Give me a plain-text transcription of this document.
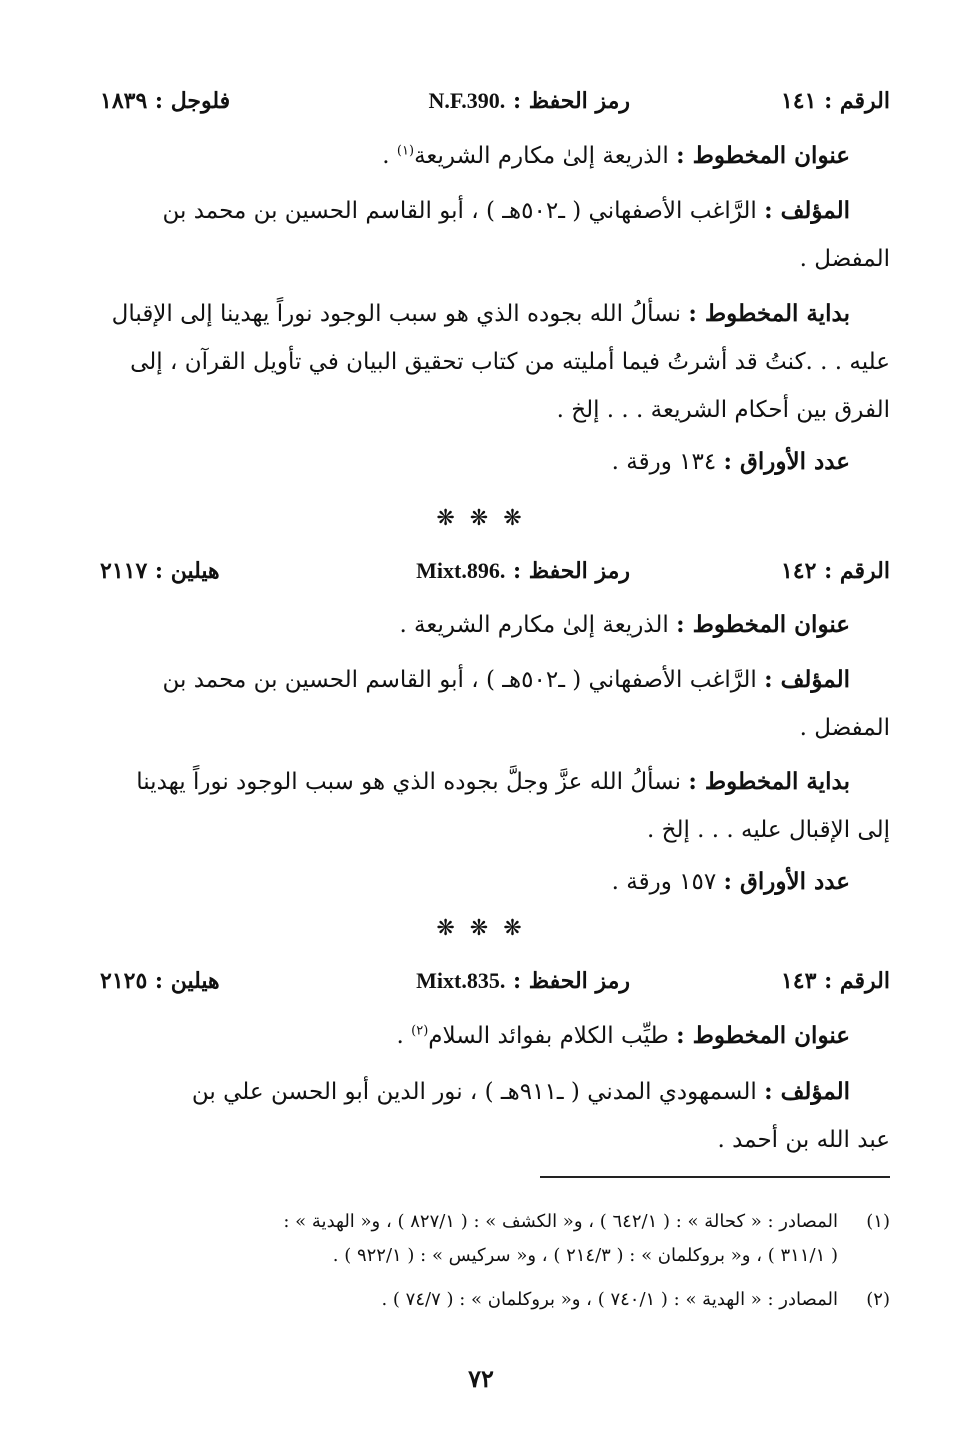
الرقم : ١٤١
رمز الحفظ : N.F.390.
فلوجل : ١٨٣٩
عنوان المخطوط : الذريعة إلىٰ مكارم الشريعة$^{(١)}$ .
المؤلف : الرَّاغب الأصفهاني ( ـ٥٠٢هـ ) ، أبو القاسم الحسين بن محمد بن
المفضل .
بداية المخطوط : نسألُ الله بجوده الذي هو سبب الوجود نوراً يهدينا إلى الإقبال
عليه . . .كنتُ قد أشرتُ فيما أمليته من كتاب تحقيق البيان في تأويل القرآن ، إلى
الفرق بين أحكام الشريعة . . . إلخ .
عدد الأوراق : ١٣٤ ورقة .
❋ ❋ ❋
الرقم : ١٤٢
رمز الحفظ : Mixt.896.
هيلين : ٢١١٧
عنوان المخطوط : الذريعة إلىٰ مكارم الشريعة .
المؤلف : الرَّاغب الأصفهاني ( ـ٥٠٢هـ ) ، أبو القاسم الحسين بن محمد بن
المفضل .
بداية المخطوط : نسألُ الله عزَّ وجلَّ بجوده الذي هو سبب الوجود نوراً يهدينا
إلى الإقبال عليه . . . إلخ .
عدد الأوراق : ١٥٧ ورقة .
❋ ❋ ❋
الرقم : ١٤٣
رمز الحفظ : Mixt.835.
هيلين : ٢١٢٥
عنوان المخطوط : طيِّب الكلام بفوائد السلام$^{(٢)}$ .
المؤلف : السمهودي المدني ( ـ٩١١هـ ) ، نور الدين أبو الحسن علي بن
عبد الله بن أحمد .
(١)
المصادر : « كحالة » : ( ٦٤٢/١ ) ، و« الكشف » : ( ٨٢٧/١ ) ، و« الهدية » :
( ٣١١/١ ) ، و« بروكلمان » : ( ٢١٤/٣ ) ، و« سركيس » : ( ٩٢٢/١ ) .
(٢)
المصادر : « الهدية » : ( ٧٤٠/١ ) ، و« بروكلمان » : ( ٧٤/٧ ) .
٧٢
